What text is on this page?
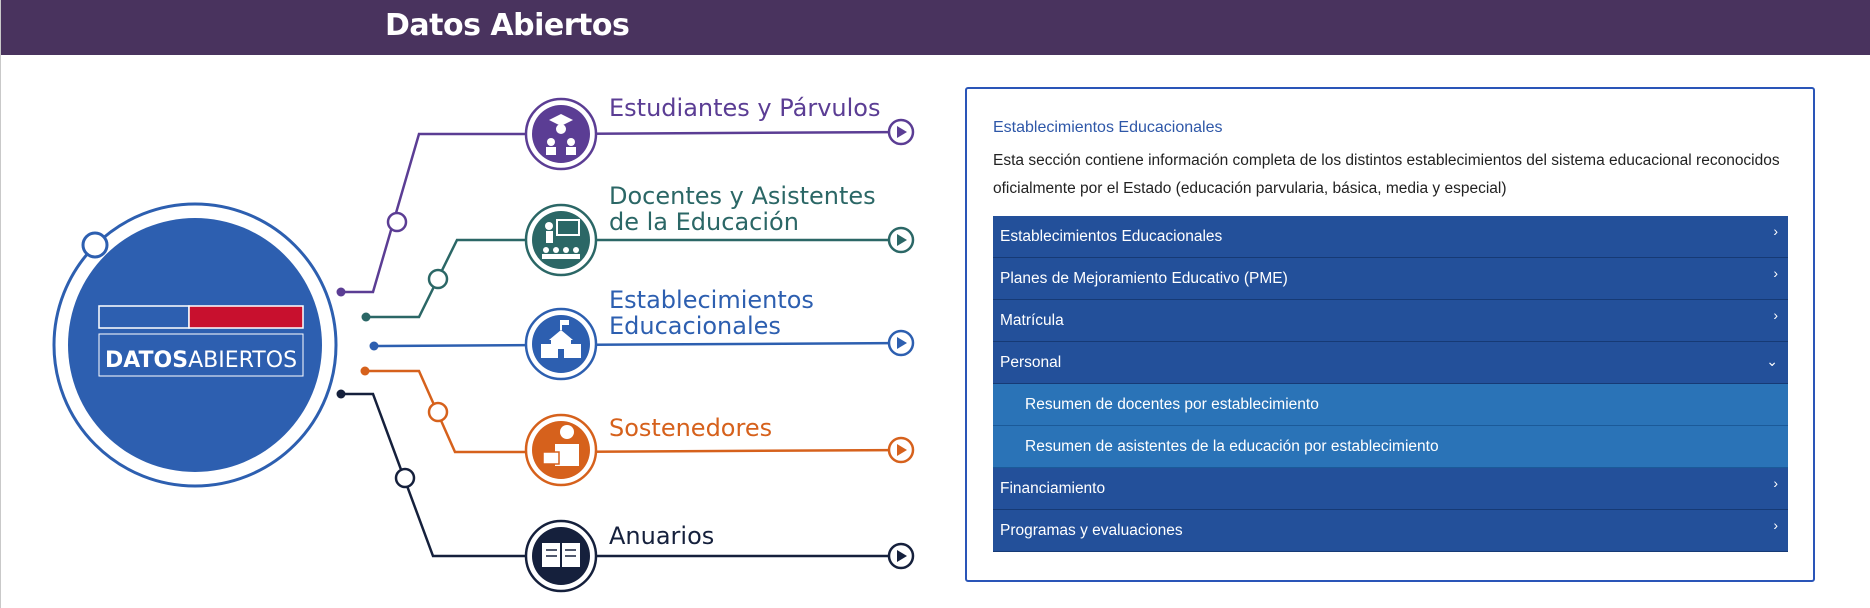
Datos Abiertos
DATOSABIERTOS
Estudiantes y Párvulos
Docentes y Asistentes
de la Educación
Establecimientos
Educacionales
Sostenedores
Anuarios
Establecimientos Educacionales
Esta sección contiene información completa de los distintos establecimientos del sistema educacional reconocidos oficialmente por el Estado (educación parvularia, básica, media y especial)
Establecimientos Educacionales	›
Planes de Mejoramiento Educativo (PME)	›
Matrícula	›
Personal	⌄
Resumen de docentes por establecimiento
Resumen de asistentes de la educación por establecimiento
Financiamiento	›
Programas y evaluaciones	›
